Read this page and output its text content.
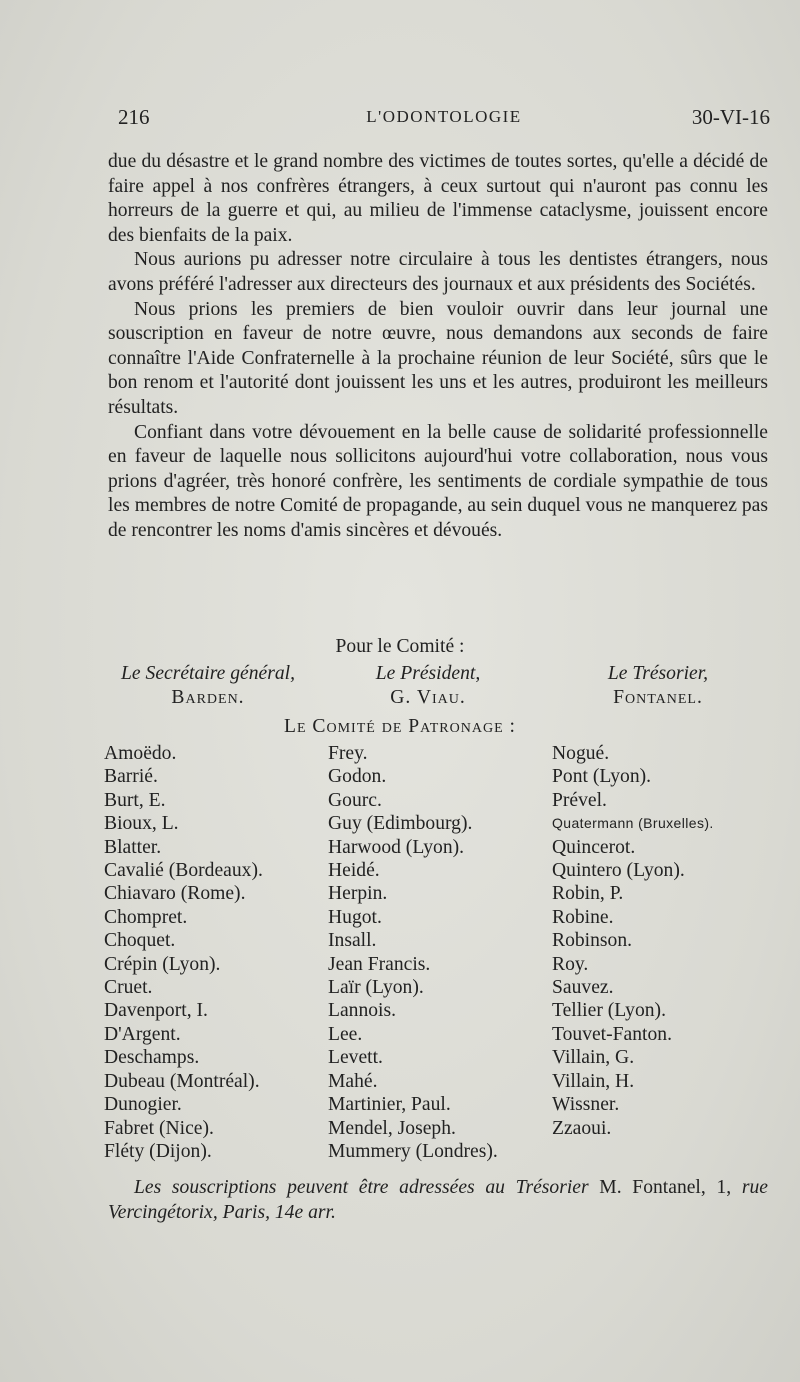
216	L'ODONTOLOGIE	30-VI-16

due du désastre et le grand nombre des victimes de toutes sortes, qu'elle a décidé de faire appel à nos confrères étrangers, à ceux surtout qui n'auront pas connu les horreurs de la guerre et qui, au milieu de l'immense cataclysme, jouissent encore des bienfaits de la paix.

Nous aurions pu adresser notre circulaire à tous les dentistes étrangers, nous avons préféré l'adresser aux directeurs des journaux et aux présidents des Sociétés.

Nous prions les premiers de bien vouloir ouvrir dans leur journal une souscription en faveur de notre œuvre, nous demandons aux seconds de faire connaître l'Aide Confraternelle à la prochaine réunion de leur Société, sûrs que le bon renom et l'autorité dont jouissent les uns et les autres, produiront les meilleurs résultats.

Confiant dans votre dévouement en la belle cause de solidarité professionnelle en faveur de laquelle nous sollicitons aujourd'hui votre collaboration, nous vous prions d'agréer, très honoré confrère, les sentiments de cordiale sympathie de tous les membres de notre Comité de propagande, au sein duquel vous ne manquerez pas de rencontrer les noms d'amis sincères et dévoués.

Pour le Comité :
Le Secrétaire général,
Barden.
Le Président,
G. Viau.
Le Trésorier,
Fontanel.
Le Comité de Patronage :
Amoëdo.
Barrié.
Burt, E.
Bioux, L.
Blatter.
Cavalié (Bordeaux).
Chiavaro (Rome).
Chompret.
Choquet.
Crépin (Lyon).
Cruet.
Davenport, I.
D'Argent.
Deschamps.
Dubeau (Montréal).
Dunogier.
Fabret (Nice).
Fléty (Dijon).
Frey.
Godon.
Gourc.
Guy (Edimbourg).
Harwood (Lyon).
Heidé.
Herpin.
Hugot.
Insall.
Jean Francis.
Laïr (Lyon).
Lannois.
Lee.
Levett.
Mahé.
Martinier, Paul.
Mendel, Joseph.
Mummery (Londres).
Nogué.
Pont (Lyon).
Prével.
Quatermann (Bruxelles).
Quincerot.
Quintero (Lyon).
Robin, P.
Robine.
Robinson.
Roy.
Sauvez.
Tellier (Lyon).
Touvet-Fanton.
Villain, G.
Villain, H.
Wissner.
Zzaoui.
Les souscriptions peuvent être adressées au Trésorier M. Fontanel, 1, rue Vercingétorix, Paris, 14e arr.
